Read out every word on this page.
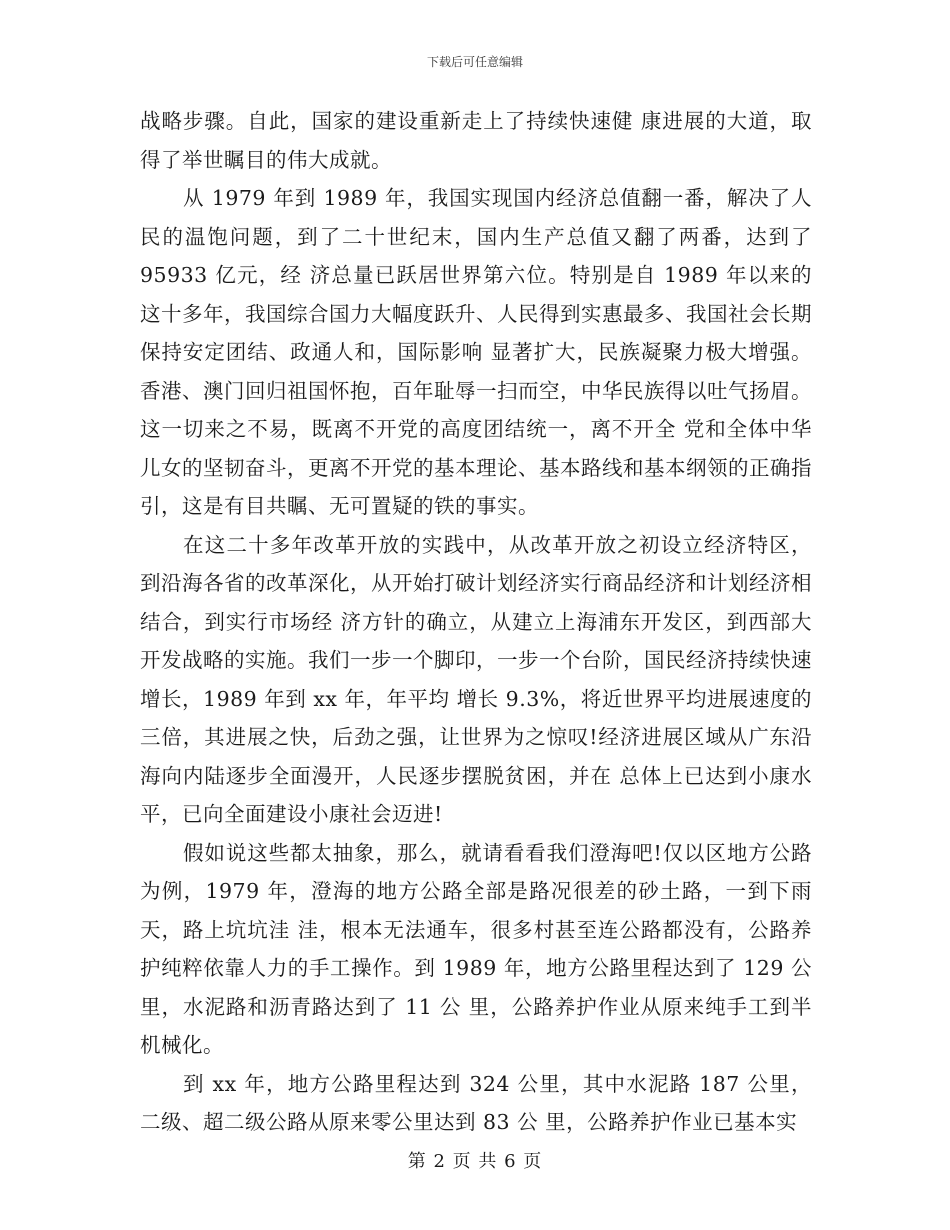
下载后可任意编辑

战略步骤。自此，国家的建设重新走上了持续快速健 康进展的大道，取得了举世瞩目的伟大成就。

从 1979 年到 1989 年，我国实现国内经济总值翻一番，解决了人民的温饱问题，到了二十世纪末，国内生产总值又翻了两番，达到了 95933 亿元，经 济总量已跃居世界第六位。特别是自 1989 年以来的这十多年，我国综合国力大幅度跃升、人民得到实惠最多、我国社会长期保持安定团结、政通人和，国际影响 显著扩大，民族凝聚力极大增强。香港、澳门回归祖国怀抱，百年耻辱一扫而空，中华民族得以吐气扬眉。这一切来之不易，既离不开党的高度团结统一，离不开全 党和全体中华儿女的坚韧奋斗，更离不开党的基本理论、基本路线和基本纲领的正确指引，这是有目共瞩、无可置疑的铁的事实。

在这二十多年改革开放的实践中，从改革开放之初设立经济特区，到沿海各省的改革深化，从开始打破计划经济实行商品经济和计划经济相结合，到实行市场经 济方针的确立，从建立上海浦东开发区，到西部大开发战略的实施。我们一步一个脚印，一步一个台阶，国民经济持续快速增长，1989 年到 xx 年，年平均 增长 9.3%，将近世界平均进展速度的三倍，其进展之快，后劲之强，让世界为之惊叹!经济进展区域从广东沿海向内陆逐步全面漫开，人民逐步摆脱贫困，并在 总体上已达到小康水平，已向全面建设小康社会迈进!

假如说这些都太抽象，那么，就请看看我们澄海吧!仅以区地方公路为例，1979 年，澄海的地方公路全部是路况很差的砂土路，一到下雨天，路上坑坑洼 洼，根本无法通车，很多村甚至连公路都没有，公路养护纯粹依靠人力的手工操作。到 1989 年，地方公路里程达到了 129 公里，水泥路和沥青路达到了 11 公 里，公路养护作业从原来纯手工到半机械化。

到 xx 年，地方公路里程达到 324 公里，其中水泥路 187 公里，二级、超二级公路从原来零公里达到 83 公 里，公路养护作业已基本实

第 2 页 共 6 页
